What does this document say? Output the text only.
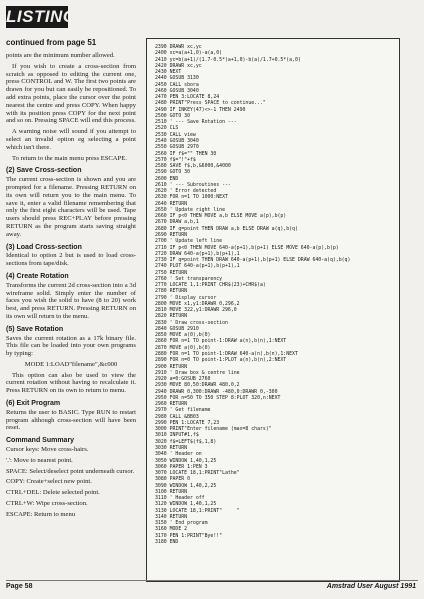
LISTING
continued from page 51

points are the minimum number allowed.

If you wish to create a cross-section from scratch as opposed to editing the current one, press CONTROL and W. The first two points are drawn for you but can easily be repositioned. To add extra points, place the cursor over the point nearest the centre and press COPY. When happy with its position press COPY for the next point and so on. Pressing SPACE will end this process.

A warning noise will sound if you attempt to select an invalid option eg selecting a point which isn't there.

To return to the main menu press ESCAPE.

(2) Save Cross-section

The current cross-section is shown and you are prompted for a filename. Pressing RETURN on its own will return you to the main menu. To save it, enter a valid filename remembering that only the first eight characters will be used. Tape users should press REC+PLAY before pressing RETURN as the program starts saving straight away.

(3) Load Cross-section

Identical to option 2 but is used to load cross-sections from tape/disk.

(4) Create Rotation

Transforms the current 2d cross-section into a 3d wireframe solid. Simply enter the number of faces you wish the solid to have (8 to 20) work best, and press RETURN. Pressing RETURN on its own will return to the menu.

(5) Save Rotation

Saves the current rotation as a 17k binary file. This file can be loaded into your own programs by typing:

MODE 1:LOAD"filename",&c000

This option can also be used to view the current rotation without having to recalculate it. Press RETURN on its own to return to menu.

(6) Exit Program

Returns the user to BASIC. Type RUN to restart program although cross-section will have been reset.

Command Summary

Cursor keys: Move cross-hairs.

'.': Move to nearest point.

SPACE: Select/deselect point underneath cursor.

COPY: Create+select new point.

CTRL+DEL: Delete selected point.

CTRL+W: Wipe cross-section.

ESCAPE: Return to menu

2390 DRAWR xc,yc
2400 xc=a(a+1,0)-a(a,0)
2410 yc=b(a+1)/(1.7-0.5*(a+1,0)-b(a)/1.7+0.5*(a,0)
2420 DRAWR xc,yc
2430 NEXT
2440 GOSUB 3130
2450 CALL sbora
2460 GOSUB 3040
2470 PEN 3:LOCATE 8,24
2480 PRINT"Press SPACE to continue..."
2490 IF INKEY(47)<>-1 THEN 2490
2500 GOTO 30
2510 ' --- Save Rotation ---
2520 CLS
2530 CALL view
2540 GOSUB 3040
2550 GOSUB 2970
2560 IF f$="" THEN 30
2570 f$="!"+f$
2580 SAVE f$,b,&6000,&4000
2590 GOTO 30
2600 END
2610 ' --- Subroutines ---
2620 ' Error detected
2630 FOR n=1 TO 1000:NEXT
2640 RETURN
2650 ' Update right line
2660 IF p<0 THEN MOVE a,b ELSE MOVE a(p),b(p)
2670 DRAW a,b,1
2680 IF q=point THEN DRAW a,b ELSE DRAW a(q),b(q)
2690 RETURN
2700 ' Update left line
2710 IF p<0 THEN MOVE 640-a(p+1),b(p+1) ELSE MOVE 640-a(p),b(p)
2720 DRAW 640-a(p+1),b(p+1),1
2730 IF q=point THEN DRAW 640-a(p+1),b(p+1) ELSE DRAW 640-a(q),b(q)
2740 PLOT 640-a(p+1),b(p+1),1
2750 RETURN
2760 ' Set transparency
2770 LOCATE 1,1:PRINT CHR$(23)+CHR$(a)
2780 RETURN
2790 ' Display cursor
2800 MOVE x1,y1:DRAWR 0,296,2
2810 MOVE 322,y1:DRAWR 296,0
2820 RETURN
2830 ' Draw cross-section
2840 GOSUB 2910
2850 MOVE a(0),b(0)
2860 FOR n=1 TO point-1:DRAW a(n),b(n),1:NEXT
2870 MOVE a(0),b(0)
2880 FOR n=1 TO point-1:DRAW 640-a(n),b(n),1:NEXT
2890 FOR n=0 TO point-1:PLOT a(n),b(n),2:NEXT
2900 RETURN
2910 ' Draw box & centre line
2920 a=0:GOSUB 2760
2930 MOVE 80,50:DRAWR 480,0,2
2940 DRAWR 0,300:DRAWR -480,0:DRAWR 0,-300
2950 FOR n=50 TO 350 STEP 8:PLOT 320,n:NEXT
2960 RETURN
2970 ' Get filename
2980 CALL &BB03
2990 PEN 1:LOCATE 7,23
3000 PRINT"Enter filename (max=8 chars)"
3010 INPUT#1,f$
3020 f$=LEFT$(f$,1,8)
3030 RETURN
3040 ' Header on
3050 WINDOW 1,40,1,25
3060 PAPER 1:PEN 3
3070 LOCATE 18,1:PRINT"Lathe"
3080 PAPER 0
3090 WINDOW 1,40,2,25
3100 RETURN
3110 ' Header off
3120 WINDOW 1,40,1,25
3130 LOCATE 18,1:PRINT"     "
3140 RETURN
3150 ' End program
3160 MODE 2
3170 PEN 1:PRINT"Bye!!"
3180 END
Page 58	Amstrad User August 1991
